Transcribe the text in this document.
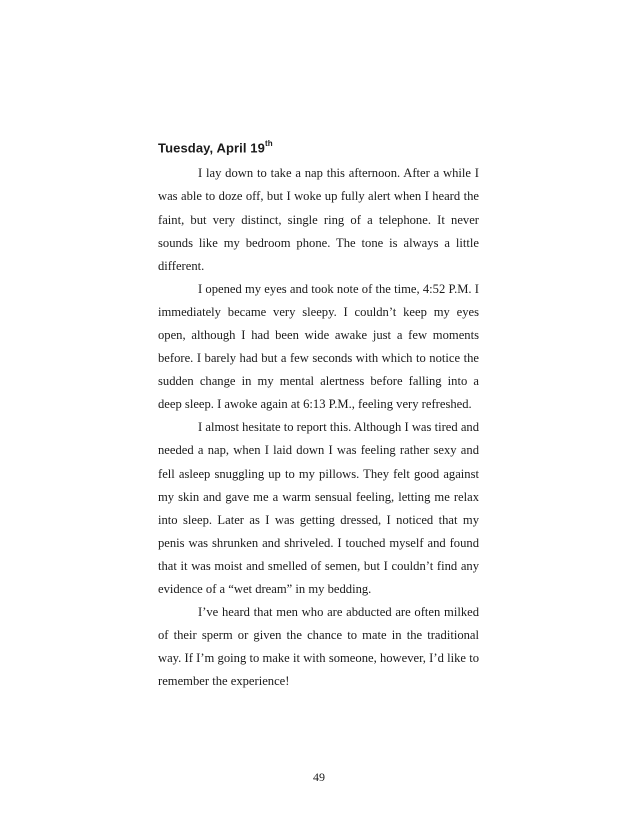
Tuesday, April 19th

I lay down to take a nap this afternoon. After a while I was able to doze off, but I woke up fully alert when I heard the faint, but very distinct, single ring of a telephone. It never sounds like my bedroom phone. The tone is always a little different.

I opened my eyes and took note of the time, 4:52 P.M. I immediately became very sleepy. I couldn’t keep my eyes open, although I had been wide awake just a few moments before. I barely had but a few seconds with which to notice the sudden change in my mental alertness before falling into a deep sleep. I awoke again at 6:13 P.M., feeling very refreshed.

I almost hesitate to report this. Although I was tired and needed a nap, when I laid down I was feeling rather sexy and fell asleep snuggling up to my pillows. They felt good against my skin and gave me a warm sensual feeling, letting me relax into sleep. Later as I was getting dressed, I noticed that my penis was shrunken and shriveled. I touched myself and found that it was moist and smelled of semen, but I couldn’t find any evidence of a “wet dream” in my bedding.

I’ve heard that men who are abducted are often milked of their sperm or given the chance to mate in the traditional way. If I’m going to make it with someone, however, I’d like to remember the experience!

49
